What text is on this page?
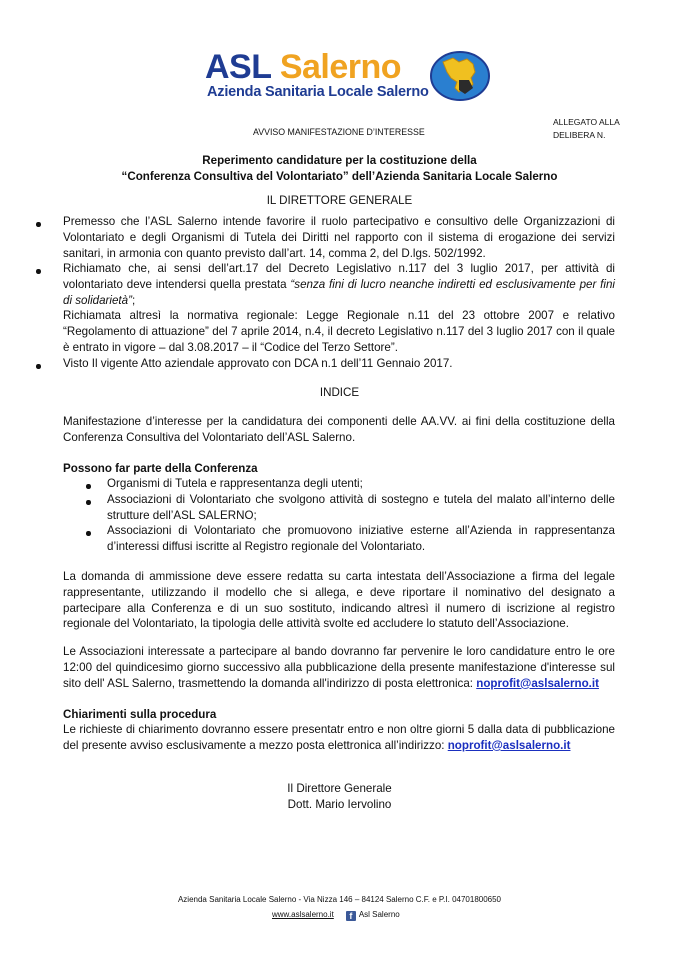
ASL Salerno
Azienda Sanitaria Locale Salerno
ALLEGATO ALLA
DELIBERA N.
AVVISO MANIFESTAZIONE D’INTERESSE
Reperimento candidature per la costituzione della
“Conferenza Consultiva del Volontariato” dell’Azienda Sanitaria Locale Salerno
IL DIRETTORE GENERALE
Premesso che l’ASL Salerno intende favorire il ruolo partecipativo e consultivo delle Organizzazioni di Volontariato e degli Organismi di Tutela dei Diritti nel rapporto con il sistema di erogazione dei servizi sanitari, in armonia con quanto previsto dall’art. 14, comma 2, del D.lgs. 502/1992.
Richiamato che, ai sensi dell’art.17 del Decreto Legislativo n.117 del 3 luglio 2017, per attività di volontariato deve intendersi quella prestata “senza fini di lucro neanche indiretti ed esclusivamente per fini di solidarietà”;
Richiamata altresì la normativa regionale: Legge Regionale n.11 del 23 ottobre 2007 e relativo “Regolamento di attuazione” del 7 aprile 2014, n.4, il decreto Legislativo n.117 del 3 luglio 2017 con il quale è entrato in vigore – dal 3.08.2017 – il “Codice del Terzo Settore”.
Visto Il vigente Atto aziendale approvato con DCA n.1 dell’11 Gennaio 2017.
INDICE
Manifestazione d’interesse per la candidatura dei componenti delle AA.VV. ai fini della costituzione della Conferenza Consultiva del Volontariato dell’ASL Salerno.
Possono far parte della Conferenza
Organismi di Tutela e rappresentanza degli utenti;
Associazioni di Volontariato che svolgono attività di sostegno e tutela del malato all’interno delle strutture dell’ASL SALERNO;
Associazioni di Volontariato che promuovono iniziative esterne all’Azienda in rappresentanza d’interessi diffusi iscritte al Registro regionale del Volontariato.
La domanda di ammissione deve essere redatta su carta intestata dell’Associazione a firma del legale rappresentante, utilizzando il modello che si allega, e deve riportare il nominativo del designato a partecipare alla Conferenza e di un suo sostituto, indicando altresì il numero di iscrizione al registro regionale del Volontariato, la tipologia delle attività svolte ed accludere lo statuto dell’Associazione.
Le Associazioni interessate a partecipare al bando dovranno far pervenire le loro candidature entro le ore 12:00 del quindicesimo giorno successivo alla pubblicazione della presente manifestazione d'interesse sul sito dell' ASL Salerno, trasmettendo la domanda all'indirizzo di posta elettronica: noprofit@aslsalerno.it
Chiarimenti sulla procedura
Le richieste di chiarimento dovranno essere presentatr entro e non oltre giorni 5 dalla data di pubblicazione del presente avviso esclusivamente a mezzo posta elettronica all’indirizzo: noprofit@aslsalerno.it
Il Direttore Generale
Dott. Mario Iervolino
Azienda Sanitaria Locale Salerno - Via Nizza 146 – 84124 Salerno C.F. e P.I. 04701800650
www.aslsalerno.it f Asl Salerno
